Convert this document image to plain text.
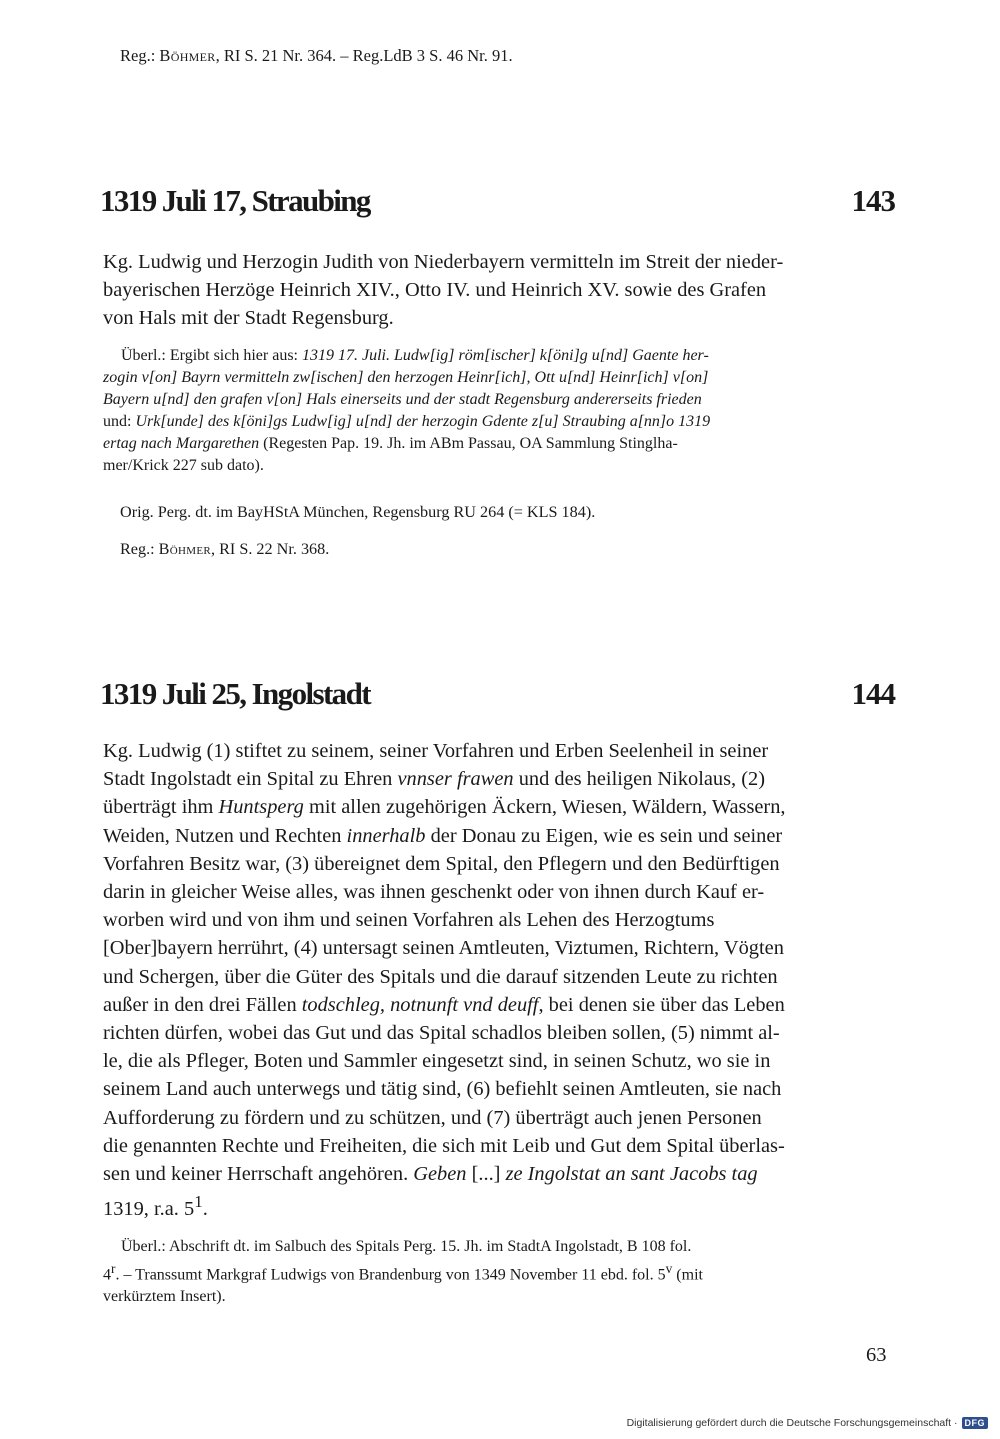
Reg.: Böhmer, RI S. 21 Nr. 364. – Reg.LdB 3 S. 46 Nr. 91.
1319 Juli 17, Straubing	143
Kg. Ludwig und Herzogin Judith von Niederbayern vermitteln im Streit der nieder-
bayerischen Herzöge Heinrich XIV., Otto IV. und Heinrich XV. sowie des Grafen
von Hals mit der Stadt Regensburg.
Überl.: Ergibt sich hier aus: 1319 17. Juli. Ludw[ig] röm[ischer] k[öni]g u[nd] Gaente her-
zogin v[on] Bayrn vermitteln zw[ischen] den herzogen Heinr[ich], Ott u[nd] Heinr[ich] v[on]
Bayern u[nd] den grafen v[on] Hals einerseits und der stadt Regensburg andererseits frieden
und: Urk[unde] des k[öni]gs Ludw[ig] u[nd] der herzogin Gdente z[u] Straubing a[nn]o 1319
ertag nach Margarethen (Regesten Pap. 19. Jh. im ABm Passau, OA Sammlung Stinglha-
mer/Krick 227 sub dato).
Orig. Perg. dt. im BayHStA München, Regensburg RU 264 (= KLS 184).
Reg.: Böhmer, RI S. 22 Nr. 368.
1319 Juli 25, Ingolstadt	144
Kg. Ludwig (1) stiftet zu seinem, seiner Vorfahren und Erben Seelenheil in seiner
Stadt Ingolstadt ein Spital zu Ehren vnnser frawen und des heiligen Nikolaus, (2)
überträgt ihm Huntsperg mit allen zugehörigen Äckern, Wiesen, Wäldern, Wassern,
Weiden, Nutzen und Rechten innerhalb der Donau zu Eigen, wie es sein und seiner
Vorfahren Besitz war, (3) übereignet dem Spital, den Pflegern und den Bedürftigen
darin in gleicher Weise alles, was ihnen geschenkt oder von ihnen durch Kauf er-
worben wird und von ihm und seinen Vorfahren als Lehen des Herzogtums
[Ober]bayern herrührt, (4) untersagt seinen Amtleuten, Viztumen, Richtern, Vögten
und Schergen, über die Güter des Spitals und die darauf sitzenden Leute zu richten
außer in den drei Fällen todschleg, notnunft vnd deuff, bei denen sie über das Leben
richten dürfen, wobei das Gut und das Spital schadlos bleiben sollen, (5) nimmt al-
le, die als Pfleger, Boten und Sammler eingesetzt sind, in seinen Schutz, wo sie in
seinem Land auch unterwegs und tätig sind, (6) befiehlt seinen Amtleuten, sie nach
Aufforderung zu fördern und zu schützen, und (7) überträgt auch jenen Personen
die genannten Rechte und Freiheiten, die sich mit Leib und Gut dem Spital überlas-
sen und keiner Herrschaft angehören. Geben [...] ze Ingolstat an sant Jacobs tag
1319, r.a. $5^1$.
Überl.: Abschrift dt. im Salbuch des Spitals Perg. 15. Jh. im StadtA Ingolstadt, B 108 fol.
4$^r$. – Transsumt Markgraf Ludwigs von Brandenburg von 1349 November 11 ebd. fol. 5$^v$ (mit
verkürztem Insert).
63
Digitalisierung gefördert durch die Deutsche Forschungsgemeinschaft · DFG
